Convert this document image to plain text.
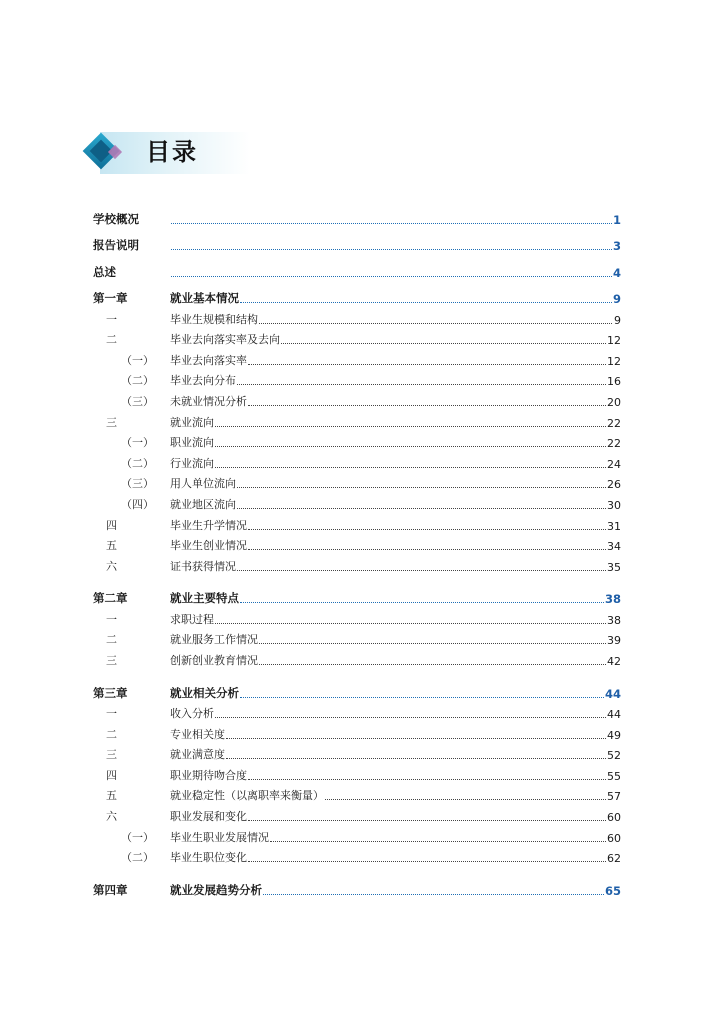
目录
学校概况	1
报告说明	3
总述	4
第一章	就业基本情况	9
一	毕业生规模和结构	9
二	毕业去向落实率及去向	12
（一）	毕业去向落实率	12
（二）	毕业去向分布	16
（三）	未就业情况分析	20
三	就业流向	22
（一）	职业流向	22
（二）	行业流向	24
（三）	用人单位流向	26
（四）	就业地区流向	30
四	毕业生升学情况	31
五	毕业生创业情况	34
六	证书获得情况	35
第二章	就业主要特点	38
一	求职过程	38
二	就业服务工作情况	39
三	创新创业教育情况	42
第三章	就业相关分析	44
一	收入分析	44
二	专业相关度	49
三	就业满意度	52
四	职业期待吻合度	55
五	就业稳定性（以离职率来衡量）	57
六	职业发展和变化	60
（一）	毕业生职业发展情况	60
（二）	毕业生职位变化	62
第四章	就业发展趋势分析	65
